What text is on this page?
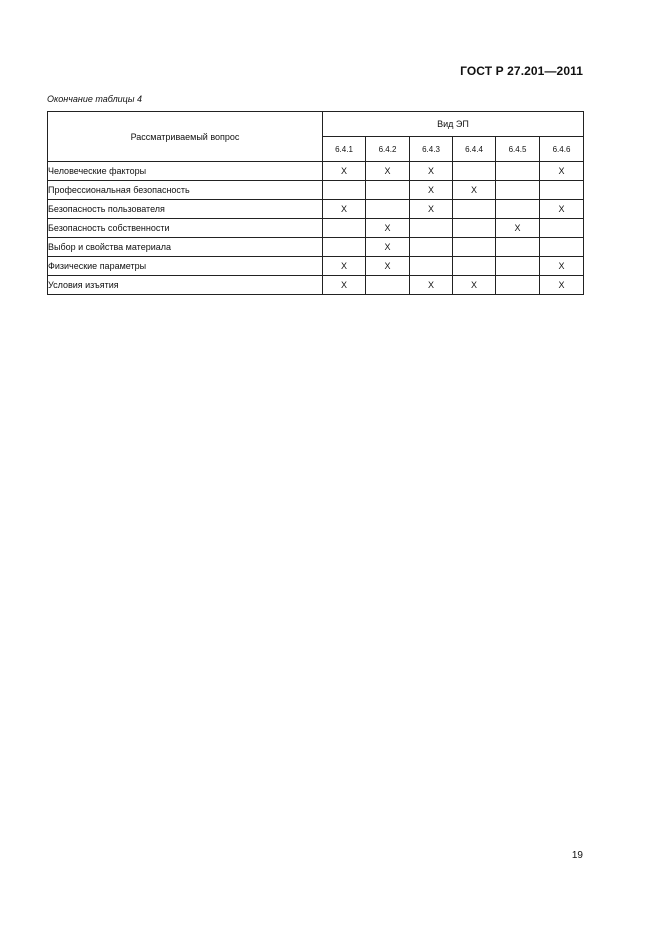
ГОСТ Р 27.201—2011
Окончание таблицы 4
Рассматриваемый вопрос	Вид ЭП					
	6.4.1	6.4.2	6.4.3	6.4.4	6.4.5	6.4.6
Человеческие факторы	X	X	X			X
Профессиональная безопасность			X	X		
Безопасность пользователя	X		X			X
Безопасность собственности		X			X	
Выбор и свойства материала		X				
Физические параметры	X	X				X
Условия изъятия	X		X	X		X
19
